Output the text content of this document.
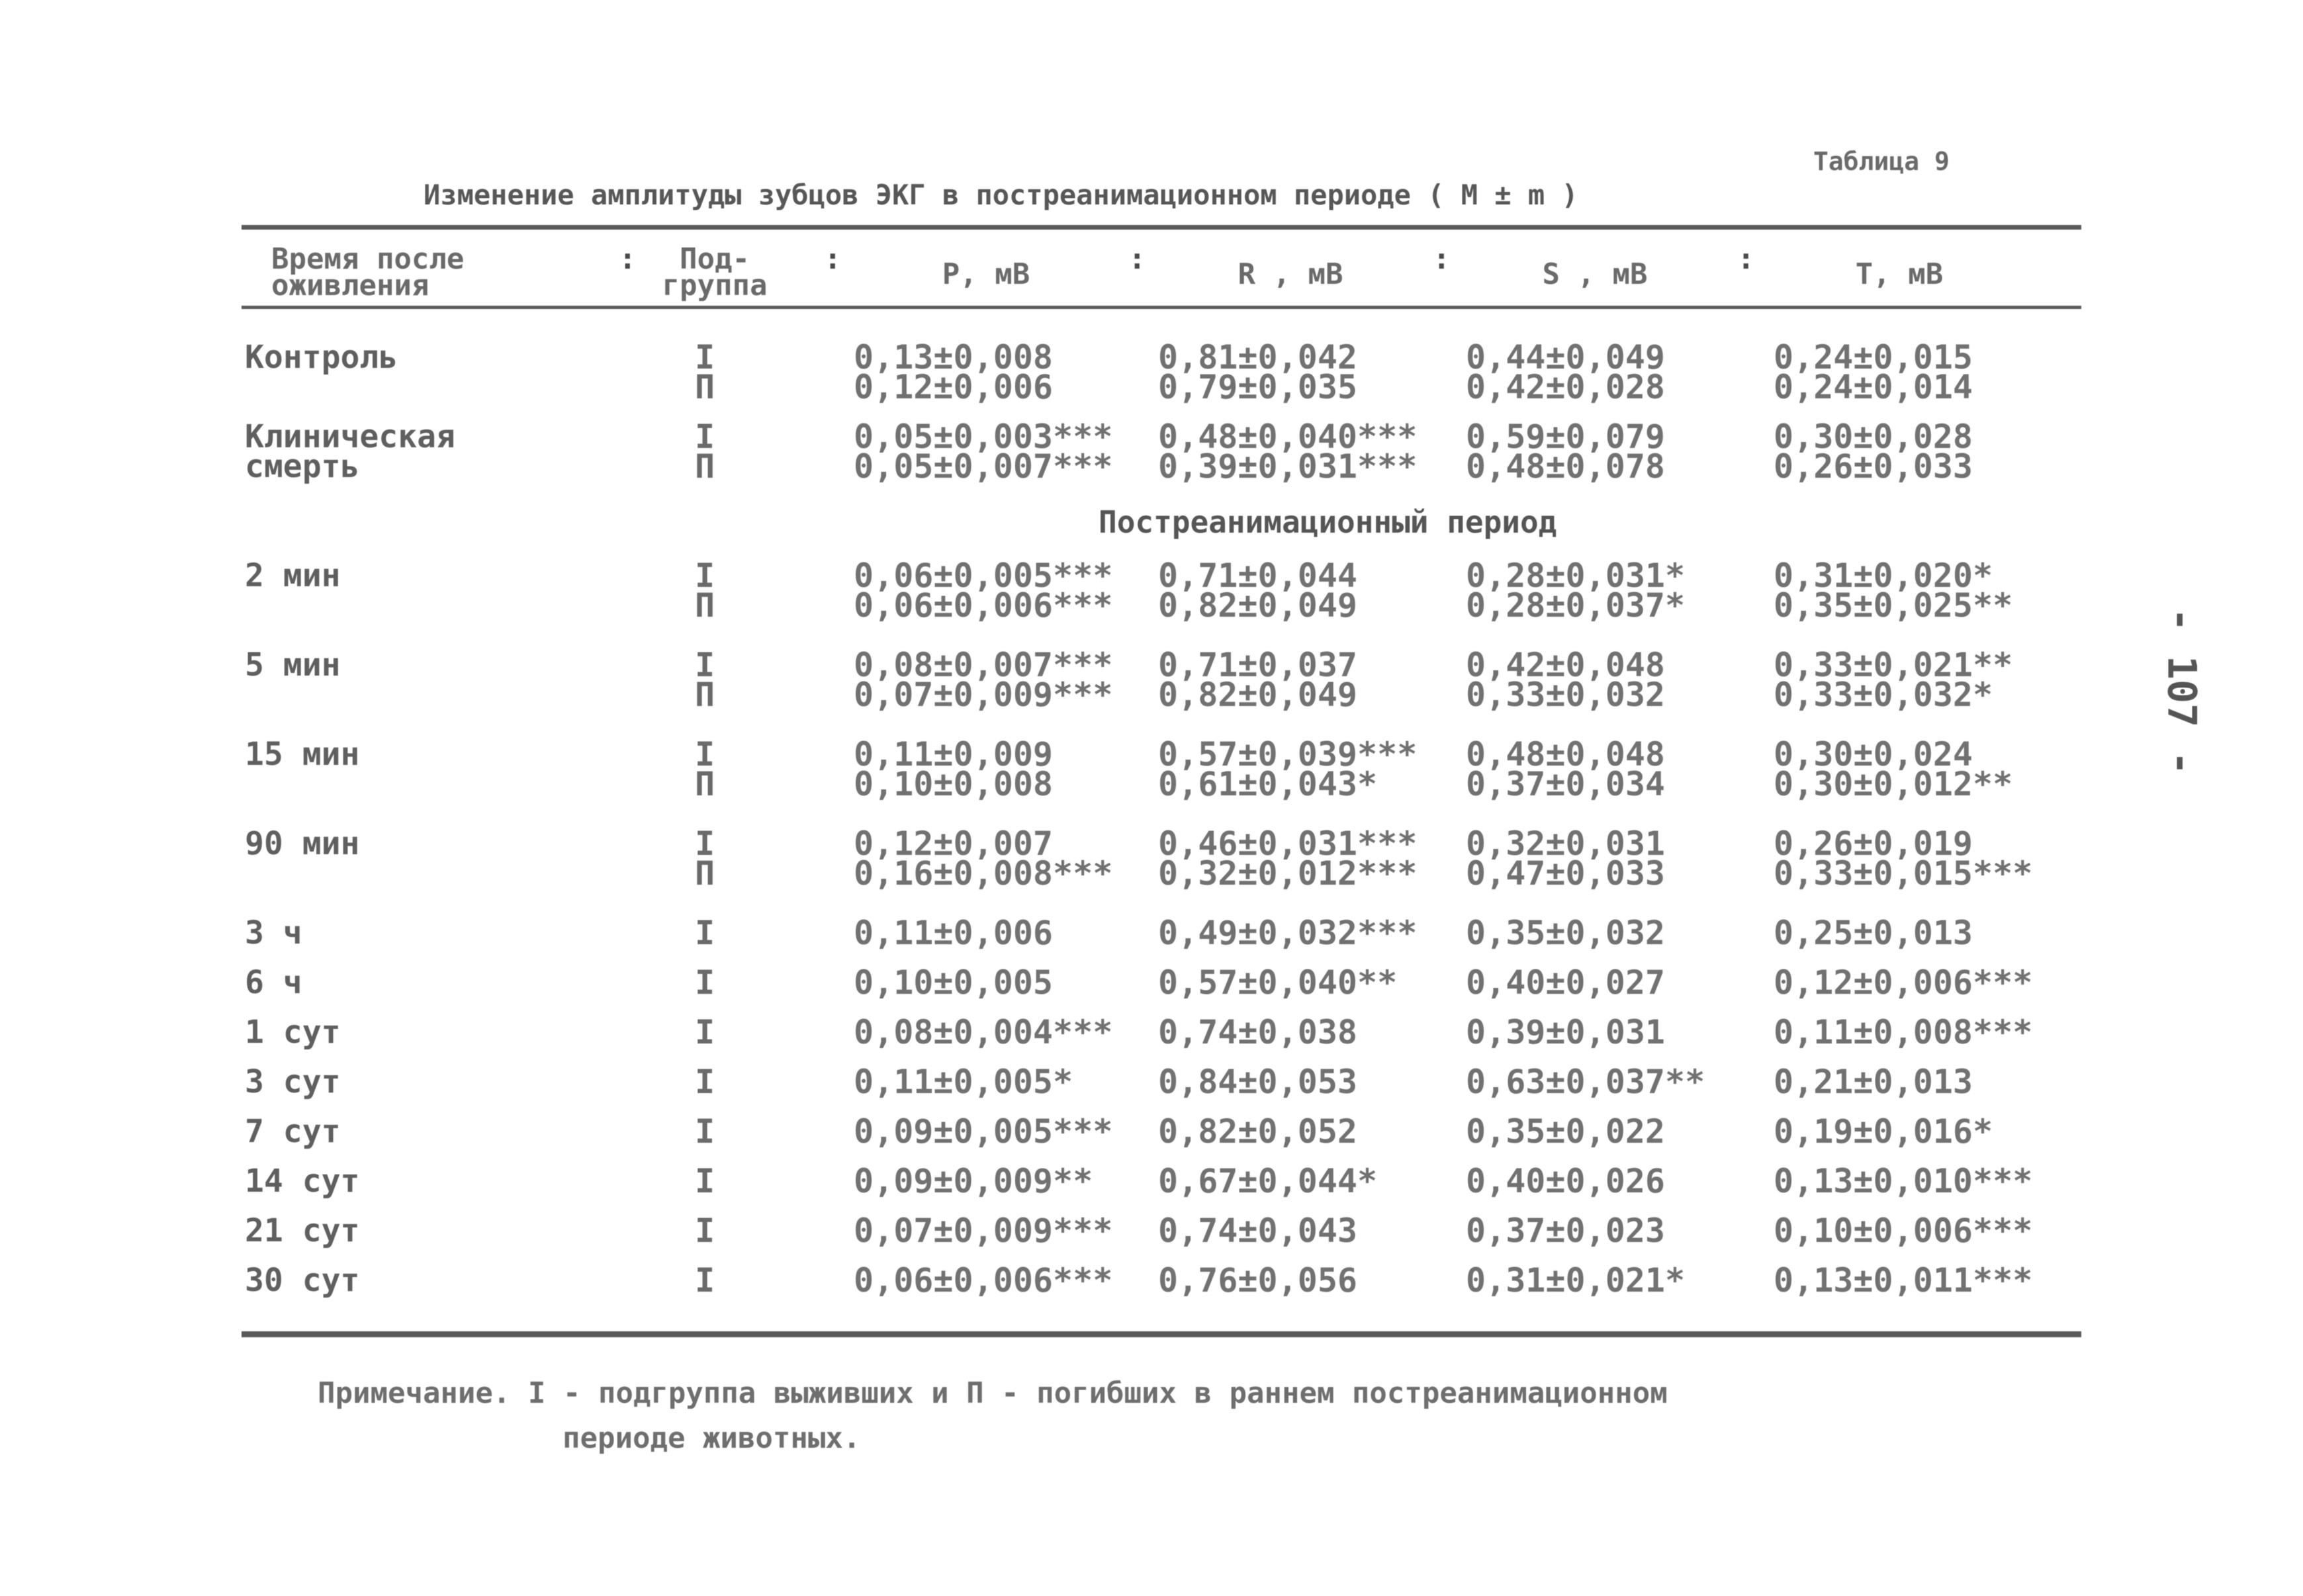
Таблица 9
Изменение амплитуды зубцов ЭКГ в постреанимационном периоде ( M ± m )
Время после оживления
Под-группа	P, мВ	R , мВ	S , мВ	T, мВ
:	:	:	:	:
Постреанимационный период
Контроль	I	0,13±0,008	0,81±0,042	0,44±0,049	0,24±0,015
П	0,12±0,006	0,79±0,035	0,42±0,028	0,24±0,014
Клиническая	I	0,05±0,003*** 0,48±0,040*** 0,59±0,079	0,30±0,028
смерть	П	0,05±0,007*** 0,39±0,031*** 0,48±0,078	0,26±0,033
2 мин	I	0,06±0,005*** 0,71±0,044	0,28±0,031*	0,31±0,020*
П	0,06±0,006*** 0,82±0,049	0,28±0,037*	0,35±0,025**
5 мин	I	0,08±0,007*** 0,71±0,037	0,42±0,048	0,33±0,021**
П	0,07±0,009*** 0,82±0,049	0,33±0,032	0,33±0,032*
15 мин	I	0,11±0,009	0,57±0,039*** 0,48±0,048	0,30±0,024
П	0,10±0,008	0,61±0,043*	0,37±0,034	0,30±0,012**
90 мин	I	0,12±0,007	0,46±0,031*** 0,32±0,031	0,26±0,019
П	0,16±0,008*** 0,32±0,012*** 0,47±0,033	0,33±0,015***
3 ч	I	0,11±0,006	0,49±0,032*** 0,35±0,032	0,25±0,013
6 ч	I	0,10±0,005	0,57±0,040** 0,40±0,027	0,12±0,006***
1 сут	I	0,08±0,004*** 0,74±0,038	0,39±0,031	0,11±0,008***
3 сут	I	0,11±0,005*	0,84±0,053	0,63±0,037** 0,21±0,013
7 сут	I	0,09±0,005*** 0,82±0,052	0,35±0,022	0,19±0,016*
14 сут	I	0,09±0,009** 0,67±0,044*	0,40±0,026	0,13±0,010***
21 сут	I	0,07±0,009*** 0,74±0,043	0,37±0,023	0,10±0,006***
30 сут	I	0,06±0,006*** 0,76±0,056	0,31±0,021*	0,13±0,011***
Примечание. I - подгруппа выживших и П - погибших в раннем постреанимационном
периоде животных.
- 107 -
